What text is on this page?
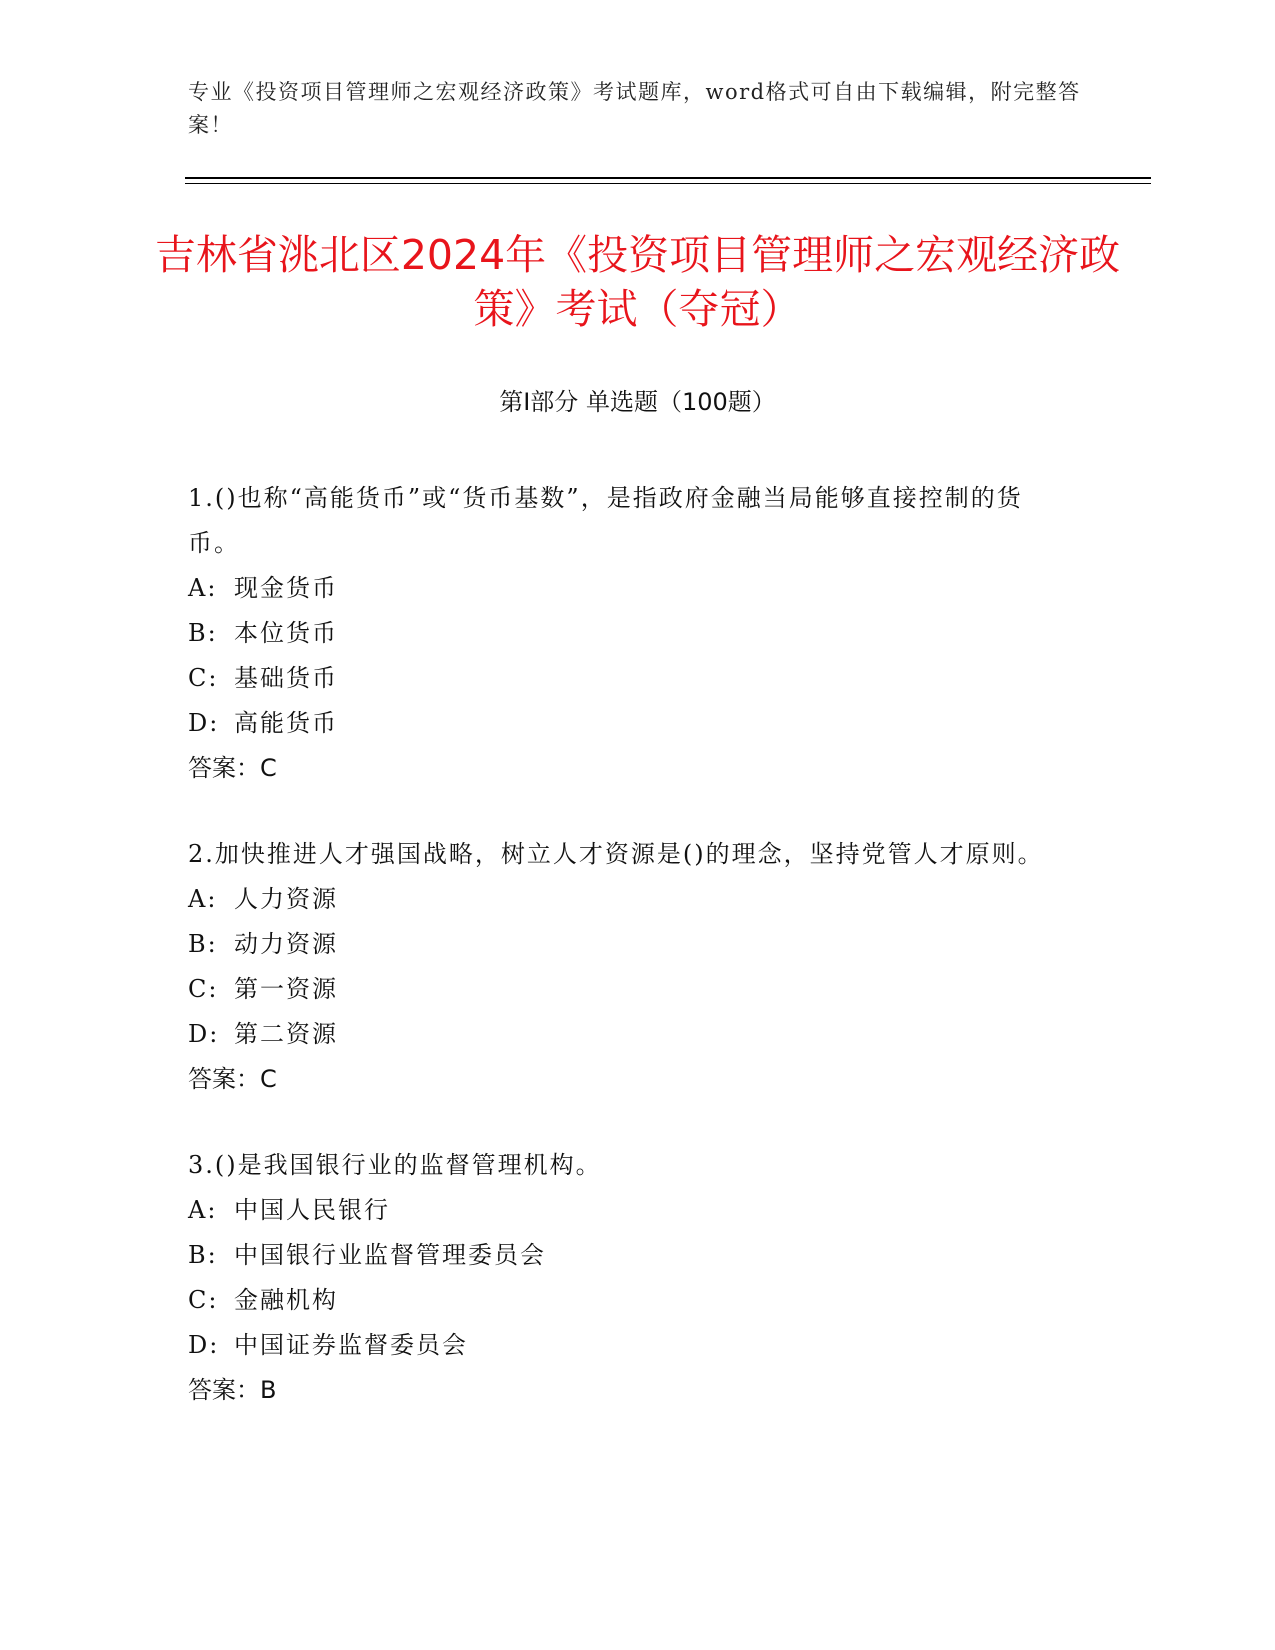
专业《投资项目管理师之宏观经济政策》考试题库，word格式可自由下载编辑，附完整答案！
吉林省洮北区2024年《投资项目管理师之宏观经济政策》考试（夺冠）
第Ⅰ部分 单选题（100题）

1.()也称“高能货币”或“货币基数”，是指政府金融当局能够直接控制的货币。

A: 现金货币
B: 本位货币
C: 基础货币
D: 高能货币

答案：C

2.加快推进人才强国战略，树立人才资源是()的理念，坚持党管人才原则。

A: 人力资源
B: 动力资源
C: 第一资源
D: 第二资源

答案：C

3.()是我国银行业的监督管理机构。

A: 中国人民银行
B: 中国银行业监督管理委员会
C: 金融机构
D: 中国证券监督委员会

答案：B
